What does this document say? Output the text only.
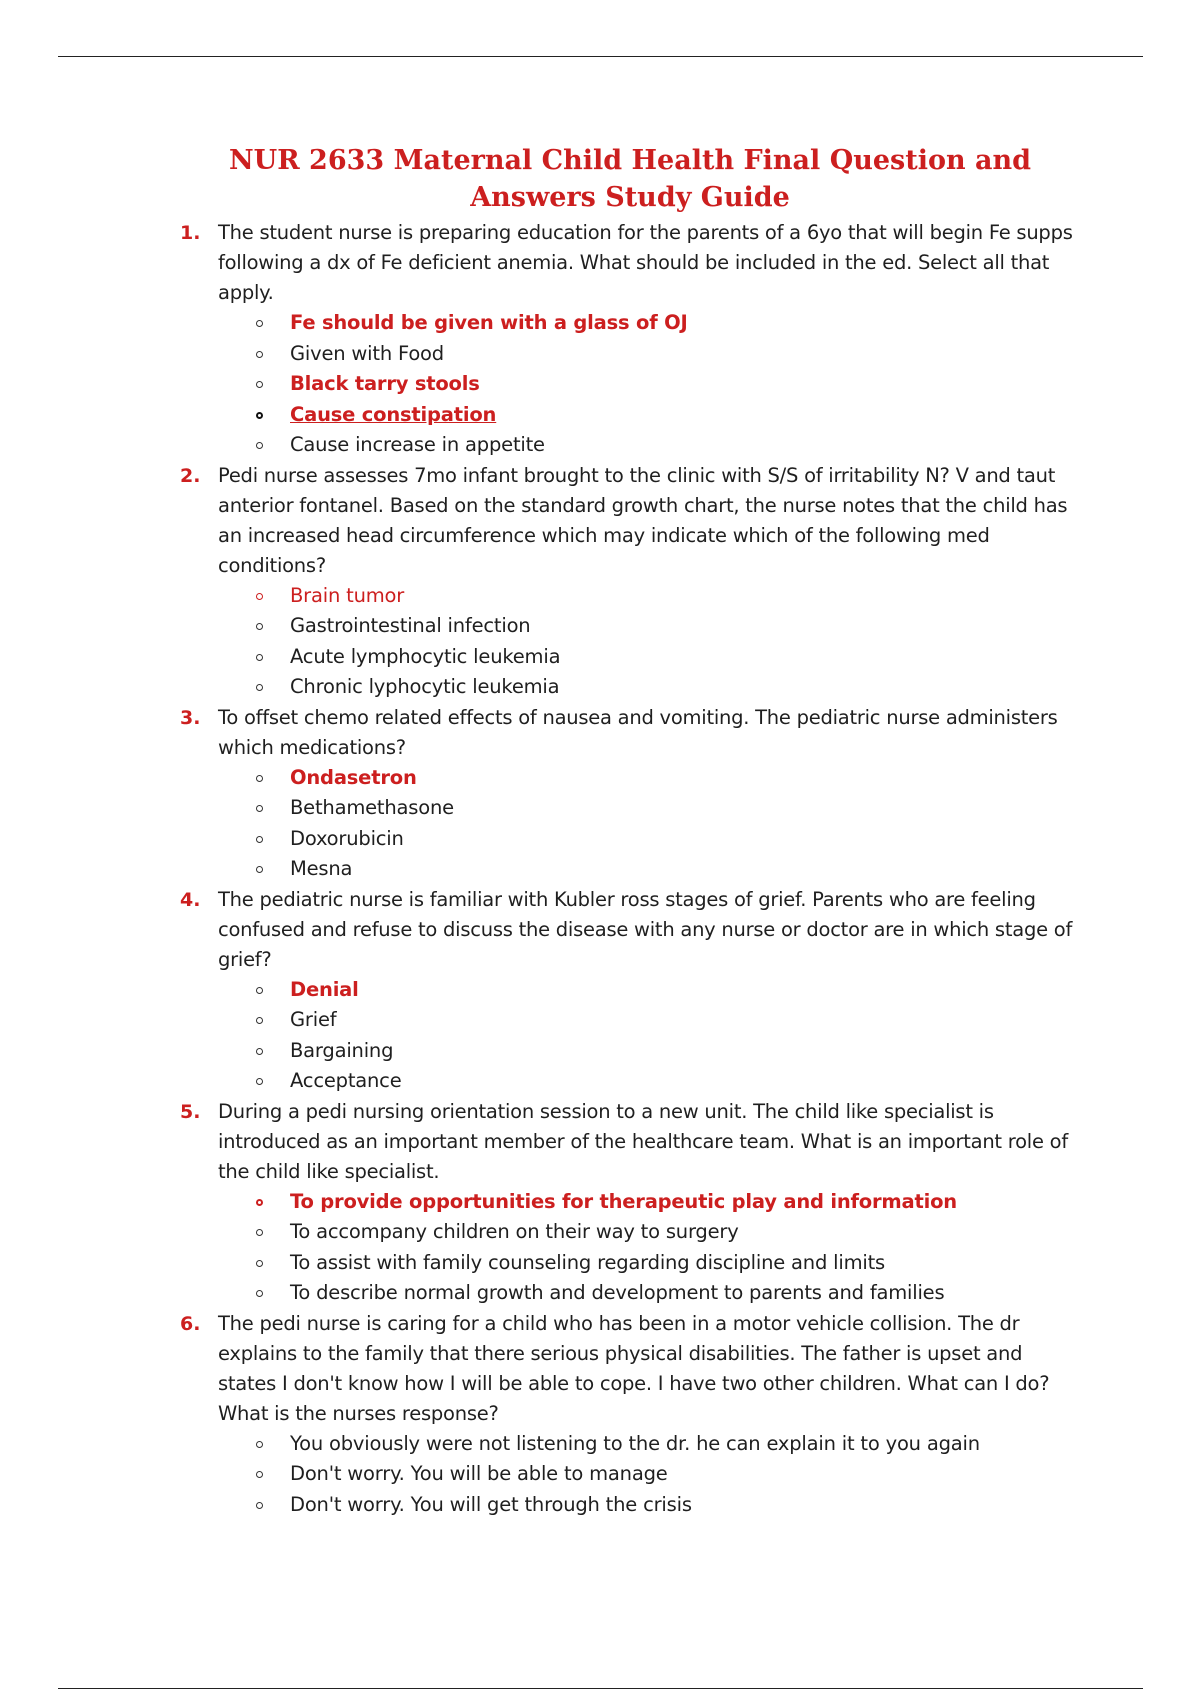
NUR 2633 Maternal Child Health Final Question and Answers Study Guide
1. The student nurse is preparing education for the parents of a 6yo that will begin Fe supps following a dx of Fe deficient anemia. What should be included in the ed. Select all that apply.

Fe should be given with a glass of OJ
Given with Food
Black tarry stools
Cause constipation
Cause increase in appetite
2. Pedi nurse assesses 7mo infant brought to the clinic with S/S of irritability N? V and taut anterior fontanel. Based on the standard growth chart, the nurse notes that the child has an increased head circumference which may indicate which of the following med conditions?

Brain tumor
Gastrointestinal infection
Acute lymphocytic leukemia
Chronic lyphocytic leukemia
3. To offset chemo related effects of nausea and vomiting. The pediatric nurse administers which medications?

Ondasetron
Bethamethasone
Doxorubicin
Mesna
4. The pediatric nurse is familiar with Kubler ross stages of grief. Parents who are feeling confused and refuse to discuss the disease with any nurse or doctor are in which stage of grief?

Denial
Grief
Bargaining
Acceptance
5. During a pedi nursing orientation session to a new unit. The child like specialist is introduced as an important member of the healthcare team. What is an important role of the child like specialist.

To provide opportunities for therapeutic play and information
To accompany children on their way to surgery
To assist with family counseling regarding discipline and limits
To describe normal growth and development to parents and families
6. The pedi nurse is caring for a child who has been in a motor vehicle collision. The dr explains to the family that there serious physical disabilities. The father is upset and states I don't know how I will be able to cope. I have two other children. What can I do? What is the nurses response?

You obviously were not listening to the dr. he can explain it to you again
Don't worry. You will be able to manage
Don't worry. You will get through the crisis
